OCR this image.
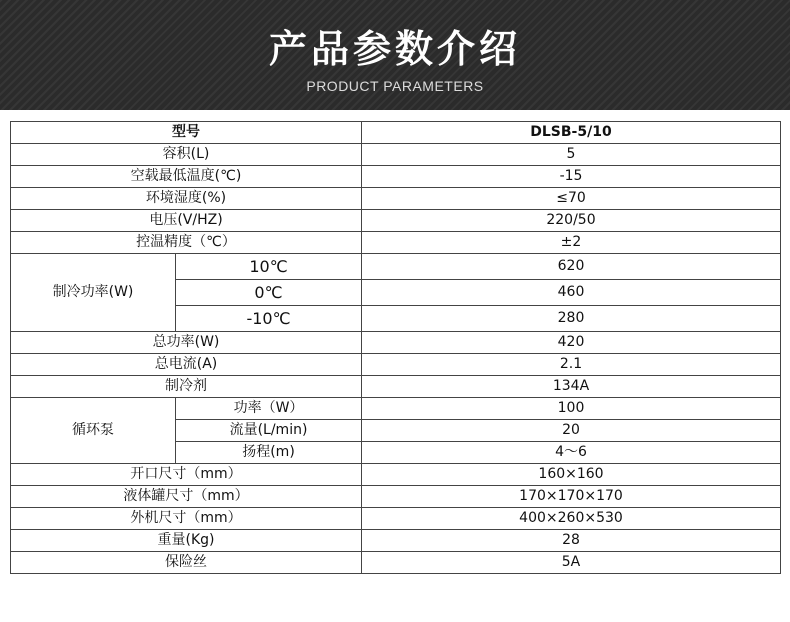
产品参数介绍
PRODUCT PARAMETERS
型号		DLSB-5/10
容积(L)		5
空载最低温度(℃)		-15
环境湿度(%)		≤70
电压(V/HZ)		220/50
控温精度（℃）		±2
制冷功率(W)	10℃	620
	0℃	460
	-10℃	280
总功率(W)		420
总电流(A)		2.1
制冷剂		134A
循环泵	功率（W）	100
	流量(L/min)	20
	扬程(m)	4～6
开口尺寸（mm）		160×160
液体罐尺寸（mm）		170×170×170
外机尺寸（mm）		400×260×530
重量(Kg)		28
保险丝		5A
